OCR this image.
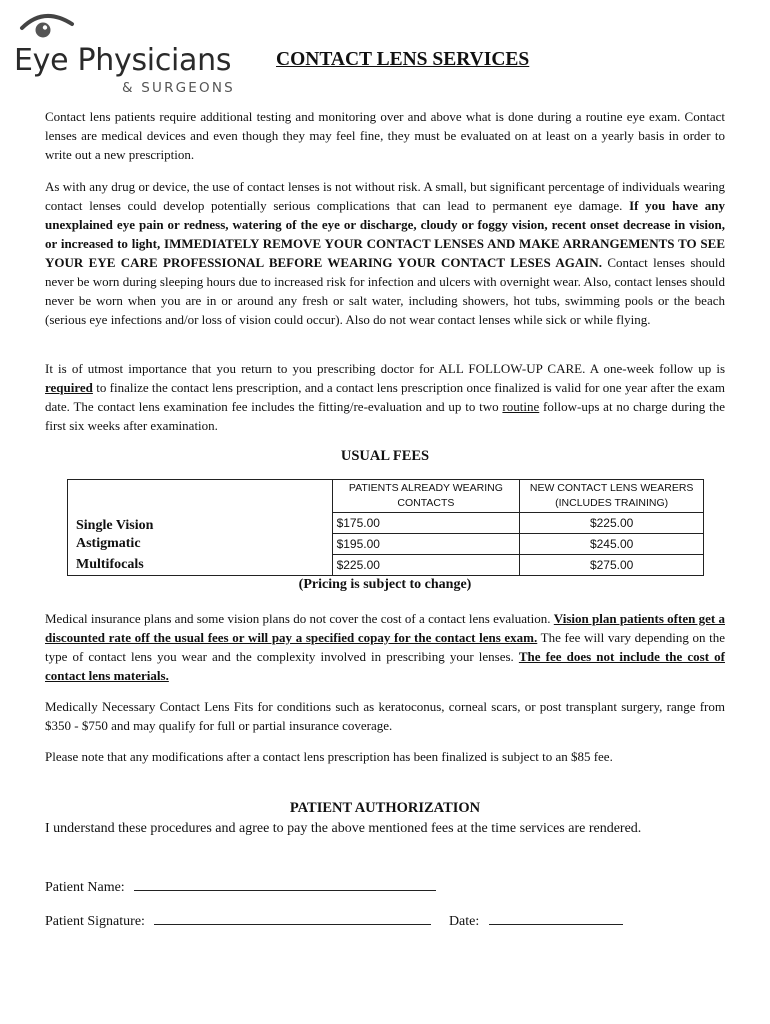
Eye Physicians
& SURGEONS
CONTACT LENS SERVICES

Contact lens patients require additional testing and monitoring over and above what is done during a routine eye exam. Contact lenses are medical devices and even though they may feel fine, they must be evaluated on at least on a yearly basis in order to write out a new prescription.

As with any drug or device, the use of contact lenses is not without risk. A small, but significant percentage of individuals wearing contact lenses could develop potentially serious complications that can lead to permanent eye damage. If you have any unexplained eye pain or redness, watering of the eye or discharge, cloudy or foggy vision, recent onset decrease in vision, or increased to light, IMMEDIATELY REMOVE YOUR CONTACT LENSES AND MAKE ARRANGEMENTS TO SEE YOUR EYE CARE PROFESSIONAL BEFORE WEARING YOUR CONTACT LESES AGAIN. Contact lenses should never be worn during sleeping hours due to increased risk for infection and ulcers with overnight wear. Also, contact lenses should never be worn when you are in or around any fresh or salt water, including showers, hot tubs, swimming pools or the beach (serious eye infections and/or loss of vision could occur). Also do not wear contact lenses while sick or while flying.

It is of utmost importance that you return to you prescribing doctor for ALL FOLLOW-UP CARE. A one-week follow up is required to finalize the contact lens prescription, and a contact lens prescription once finalized is valid for one year after the exam date. The contact lens examination fee includes the fitting/re-evaluation and up to two routine follow-ups at no charge during the first six weeks after examination.

USUAL FEES
	PATIENTS ALREADY WEARING CONTACTS	NEW CONTACT LENS WEARERS (INCLUDES TRAINING)
Single Vision	$175.00	$225.00
Astigmatic	$195.00	$245.00
Multifocals	$225.00	$275.00
(Pricing is subject to change)

Medical insurance plans and some vision plans do not cover the cost of a contact lens evaluation. Vision plan patients often get a discounted rate off the usual fees or will pay a specified copay for the contact lens exam. The fee will vary depending on the type of contact lens you wear and the complexity involved in prescribing your lenses. The fee does not include the cost of contact lens materials.

Medically Necessary Contact Lens Fits for conditions such as keratoconus, corneal scars, or post transplant surgery, range from $350 - $750 and may qualify for full or partial insurance coverage.

Please note that any modifications after a contact lens prescription has been finalized is subject to an $85 fee.

PATIENT AUTHORIZATION
I understand these procedures and agree to pay the above mentioned fees at the time services are rendered.
Patient Name:
Patient Signature:	Date:
